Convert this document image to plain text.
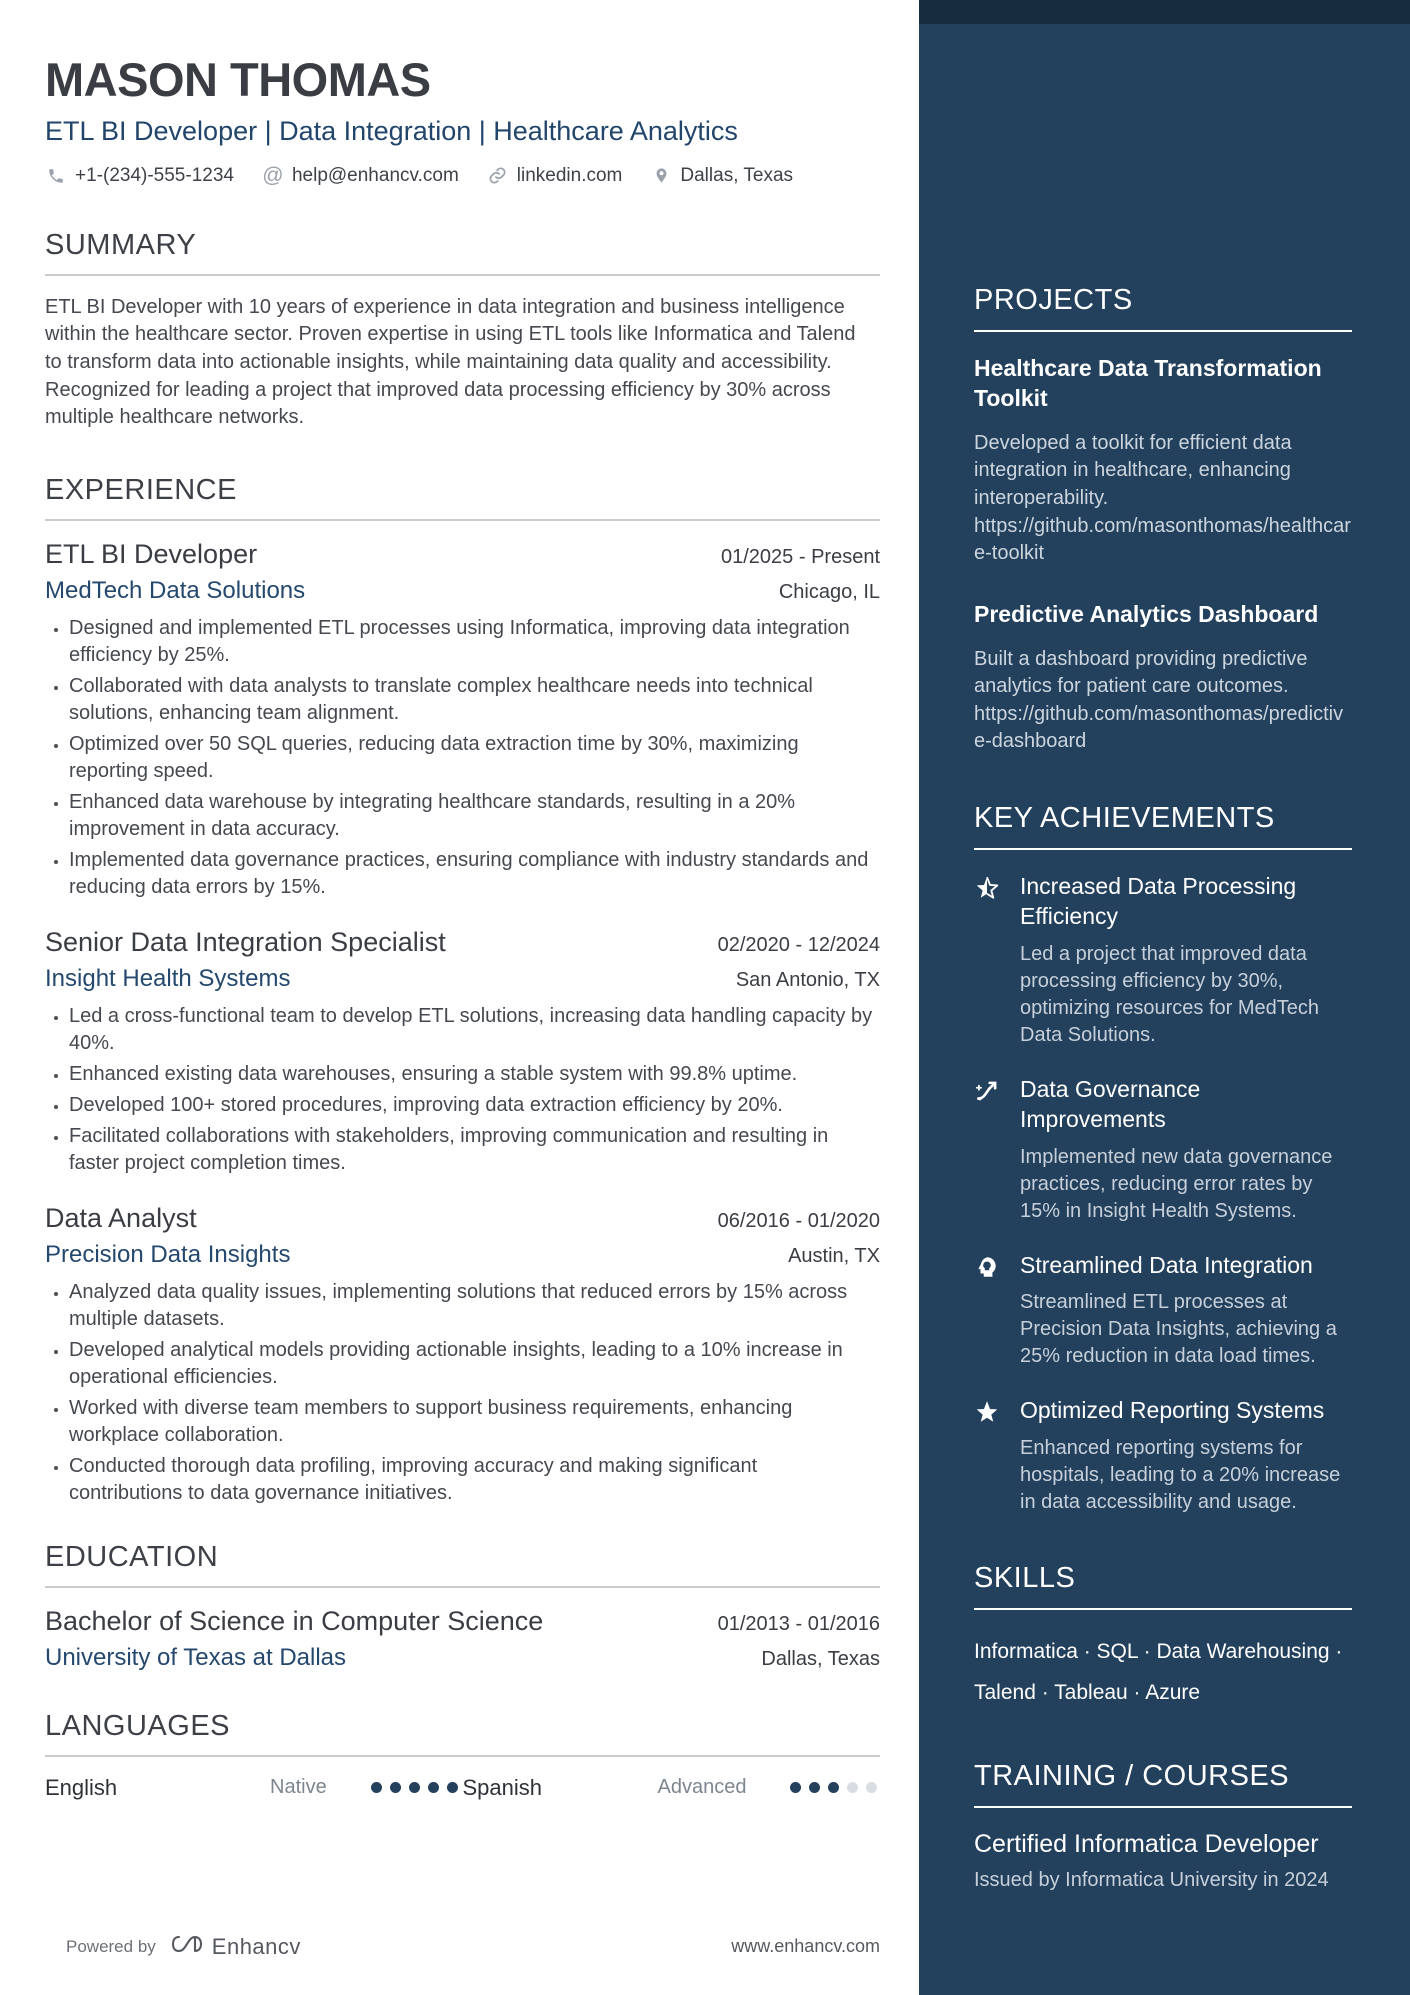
MASON THOMAS
ETL BI Developer | Data Integration | Healthcare Analytics
+1-(234)-555-1234 @ help@enhancv.com	linkedin.com	Dallas, Texas
SUMMARY

ETL BI Developer with 10 years of experience in data integration and business intelligence within the healthcare sector. Proven expertise in using ETL tools like Informatica and Talend to transform data into actionable insights, while maintaining data quality and accessibility. Recognized for leading a project that improved data processing efficiency by 30% across multiple healthcare networks.

EXPERIENCE
ETL BI Developer	01/2025 - Present
MedTech Data Solutions	Chicago, IL
• Designed and implemented ETL processes using Informatica, improving data integration efficiency by 25%.
• Collaborated with data analysts to translate complex healthcare needs into technical solutions, enhancing team alignment.
• Optimized over 50 SQL queries, reducing data extraction time by 30%, maximizing reporting speed.
• Enhanced data warehouse by integrating healthcare standards, resulting in a 20% improvement in data accuracy.
• Implemented data governance practices, ensuring compliance with industry standards and reducing data errors by 15%.
Senior Data Integration Specialist	02/2020 - 12/2024
Insight Health Systems	San Antonio, TX
• Led a cross-functional team to develop ETL solutions, increasing data handling capacity by 40%.
• Enhanced existing data warehouses, ensuring a stable system with 99.8% uptime.
• Developed 100+ stored procedures, improving data extraction efficiency by 20%.
• Facilitated collaborations with stakeholders, improving communication and resulting in faster project completion times.
Data Analyst	06/2016 - 01/2020
Precision Data Insights	Austin, TX
• Analyzed data quality issues, implementing solutions that reduced errors by 15% across multiple datasets.
• Developed analytical models providing actionable insights, leading to a 10% increase in operational efficiencies.
• Worked with diverse team members to support business requirements, enhancing workplace collaboration.
• Conducted thorough data profiling, improving accuracy and making significant contributions to data governance initiatives.
EDUCATION
Bachelor of Science in Computer Science	01/2013 - 01/2016
University of Texas at Dallas	Dallas, Texas
LANGUAGES
English	Native	Spanish	Advanced
Powered by	Enhancv	www.enhancv.com
PROJECTS
Healthcare Data Transformation Toolkit
Developed a toolkit for efficient data integration in healthcare, enhancing interoperability.
https://github.com/masonthomas/healthcare-toolkit
Predictive Analytics Dashboard
Built a dashboard providing predictive analytics for patient care outcomes.
https://github.com/masonthomas/predictive-dashboard
KEY ACHIEVEMENTS
Increased Data Processing Efficiency
Led a project that improved data processing efficiency by 30%, optimizing resources for MedTech Data Solutions.
Data Governance Improvements
Implemented new data governance practices, reducing error rates by 15% in Insight Health Systems.
Streamlined Data Integration
Streamlined ETL processes at Precision Data Insights, achieving a 25% reduction in data load times.
Optimized Reporting Systems
Enhanced reporting systems for hospitals, leading to a 20% increase in data accessibility and usage.
SKILLS

Informatica · SQL · Data Warehousing · Talend · Tableau · Azure

TRAINING / COURSES
Certified Informatica Developer
Issued by Informatica University in 2024
